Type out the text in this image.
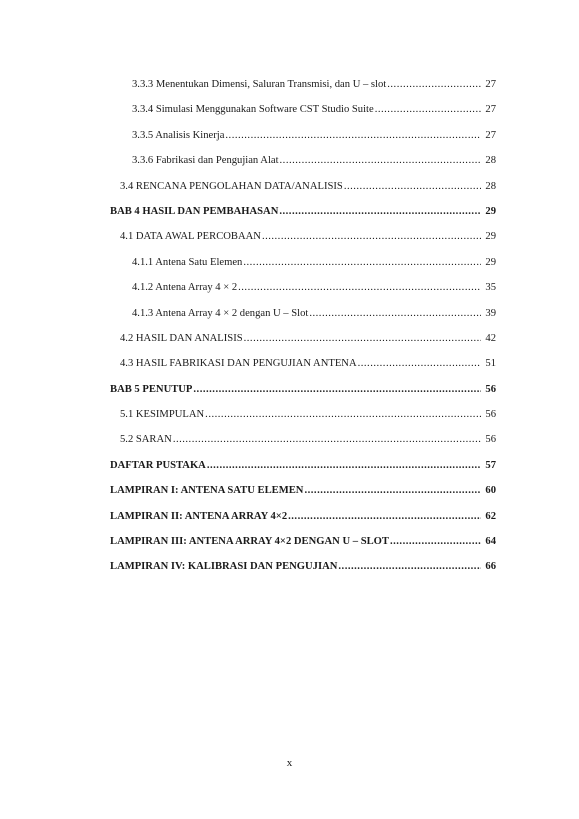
3.3.3 Menentukan Dimensi, Saluran Transmisi, dan U – slot .....	27
3.3.4 Simulasi Menggunakan Software CST Studio Suite .....	27
3.3.5 Analisis Kinerja .....	27
3.3.6 Fabrikasi dan Pengujian Alat .....	28
3.4 RENCANA PENGOLAHAN DATA/ANALISIS .....	28
BAB 4 HASIL DAN PEMBAHASAN .....	29
4.1 DATA AWAL PERCOBAAN .....	29
4.1.1 Antena Satu Elemen .....	29
4.1.2 Antena Array 4 × 2 .....	35
4.1.3 Antena Array 4 × 2 dengan U – Slot .....	39
4.2 HASIL DAN ANALISIS .....	42
4.3 HASIL FABRIKASI DAN PENGUJIAN ANTENA .....	51
BAB 5 PENUTUP .....	56
5.1 KESIMPULAN .....	56
5.2 SARAN .....	56
DAFTAR PUSTAKA .....	57
LAMPIRAN I: ANTENA SATU ELEMEN .....	60
LAMPIRAN II: ANTENA ARRAY 4×2 .....	62
LAMPIRAN III: ANTENA ARRAY 4×2 DENGAN U – SLOT .....	64
LAMPIRAN IV: KALIBRASI DAN PENGUJIAN .....	66
x
